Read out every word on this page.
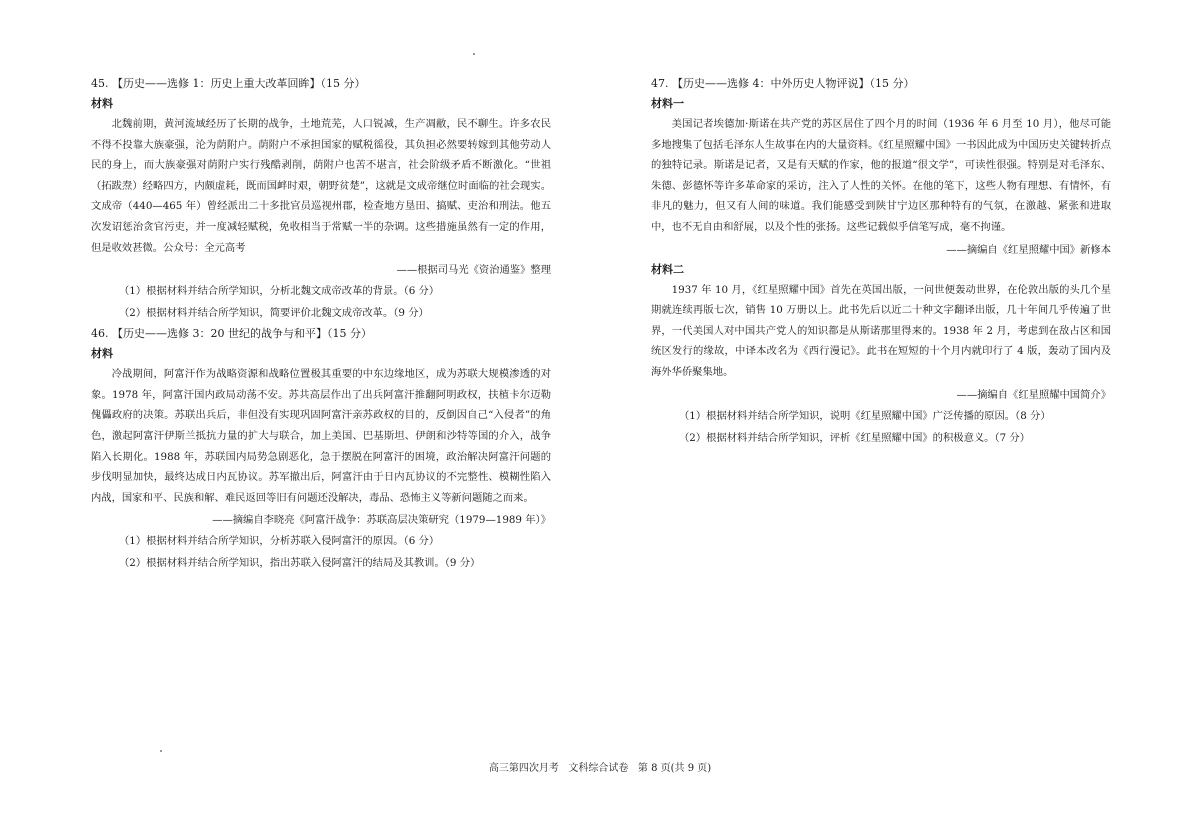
45. 【历史——选修 1：历史上重大改革回眸】（15 分）
材料

北魏前期，黄河流域经历了长期的战争，土地荒芜，人口锐减，生产凋敝，民不聊生。许多农民不得不投靠大族豪强，沦为荫附户。荫附户不承担国家的赋税徭役，其负担必然要转嫁到其他劳动人民的身上，而大族豪强对荫附户实行残酷剥削，荫附户也苦不堪言，社会阶级矛盾不断激化。“世祖（拓跋焘）经略四方，内颇虚耗，既而国衅时艰，朝野贫楚”，这就是文成帝继位时面临的社会现实。文成帝（440—465 年）曾经派出二十多批官员巡视州郡，检查地方垦田、搞赋、吏治和刑法。他五次发诏惩治贪官污吏，并一度减轻赋税，免收相当于常赋一半的杂调。这些措施虽然有一定的作用，但是收效甚微。公众号：全元高考

——根据司马光《资治通鉴》整理
（1）根据材料并结合所学知识，分析北魏文成帝改革的背景。（6 分）
（2）根据材料并结合所学知识，简要评价北魏文成帝改革。（9 分）
46. 【历史——选修 3：20 世纪的战争与和平】（15 分）
材料

冷战期间，阿富汗作为战略资源和战略位置极其重要的中东边缘地区，成为苏联大规模渗透的对象。1978 年，阿富汗国内政局动荡不安。苏共高层作出了出兵阿富汗推翻阿明政权，扶植卡尔迈勒傀儡政府的决策。苏联出兵后，非但没有实现巩固阿富汗亲苏政权的目的，反倒因自己“入侵者”的角色，激起阿富汗伊斯兰抵抗力量的扩大与联合，加上美国、巴基斯坦、伊朗和沙特等国的介入，战争陷入长期化。1988 年，苏联国内局势急剧恶化，急于摆脱在阿富汗的困境，政治解决阿富汗问题的步伐明显加快，最终达成日内瓦协议。苏军撤出后，阿富汗由于日内瓦协议的不完整性、模糊性陷入内战，国家和平、民族和解、难民返回等旧有问题还没解决，毒品、恐怖主义等新问题随之而来。

——摘编自李晓亮《阿富汗战争：苏联高层决策研究（1979—1989 年）》
（1）根据材料并结合所学知识，分析苏联入侵阿富汗的原因。（6 分）
（2）根据材料并结合所学知识，指出苏联入侵阿富汗的结局及其教训。（9 分）
47. 【历史——选修 4：中外历史人物评说】（15 分）
材料一

美国记者埃德加·斯诺在共产党的苏区居住了四个月的时间（1936 年 6 月至 10 月），他尽可能多地搜集了包括毛泽东人生故事在内的大量资料。《红星照耀中国》一书因此成为中国历史关键转折点的独特记录。斯诺是记者，又是有天赋的作家，他的报道“很文学”，可读性很强。特别是对毛泽东、朱德、彭德怀等许多革命家的采访，注入了人性的关怀。在他的笔下，这些人物有理想、有情怀，有非凡的魅力，但又有人间的味道。我们能感受到陕甘宁边区那种特有的气氛，在激越、紧张和进取中，也不无自由和舒展，以及个性的张扬。这些记载似乎信笔写成，毫不拘谨。

——摘编自《红星照耀中国》新修本
材料二

1937 年 10 月，《红星照耀中国》首先在英国出版，一问世便轰动世界，在伦敦出版的头几个星期就连续再版七次，销售 10 万册以上。此书先后以近二十种文字翻译出版，几十年间几乎传遍了世界，一代美国人对中国共产党人的知识都是从斯诺那里得来的。1938 年 2 月，考虑到在敌占区和国统区发行的缘故，中译本改名为《西行漫记》。此书在短短的十个月内就印行了 4 版，轰动了国内及海外华侨聚集地。

——摘编自《红星照耀中国简介》
（1）根据材料并结合所学知识，说明《红星照耀中国》广泛传播的原因。（8 分）
（2）根据材料并结合所学知识，评析《红星照耀中国》的积极意义。（7 分）
高三第四次月考   文科综合试卷   第 8 页(共 9 页)
